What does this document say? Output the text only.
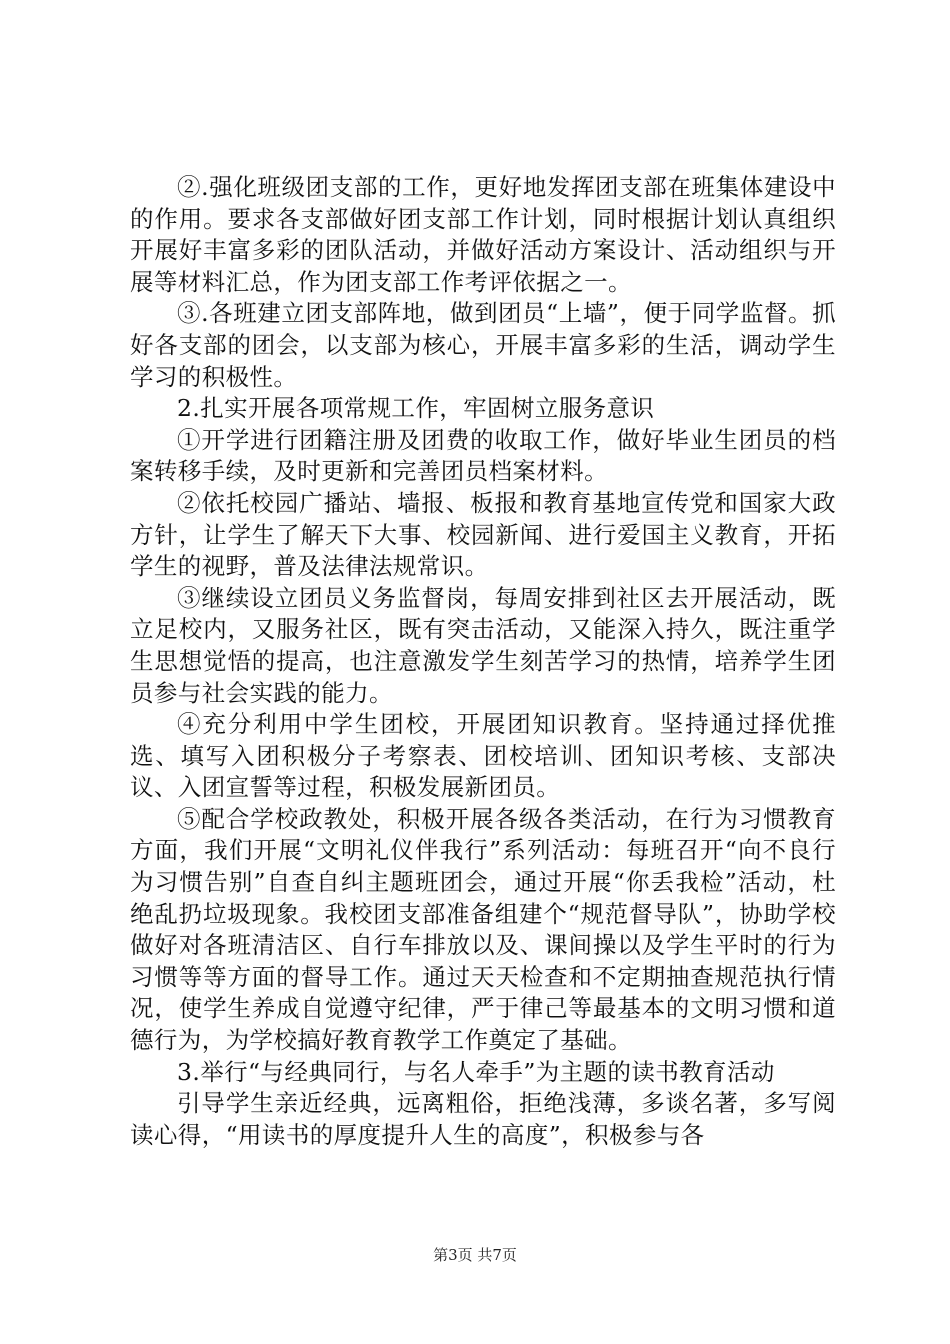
②.强化班级团支部的工作，更好地发挥团支部在班集体建设中的作用。要求各支部做好团支部工作计划，同时根据计划认真组织开展好丰富多彩的团队活动，并做好活动方案设计、活动组织与开展等材料汇总，作为团支部工作考评依据之一。

③.各班建立团支部阵地，做到团员“上墙”，便于同学监督。抓好各支部的团会，以支部为核心，开展丰富多彩的生活，调动学生学习的积极性。

2.扎实开展各项常规工作，牢固树立服务意识

①开学进行团籍注册及团费的收取工作，做好毕业生团员的档案转移手续，及时更新和完善团员档案材料。

②依托校园广播站、墙报、板报和教育基地宣传党和国家大政方针，让学生了解天下大事、校园新闻、进行爱国主义教育，开拓学生的视野，普及法律法规常识。

③继续设立团员义务监督岗，每周安排到社区去开展活动，既立足校内，又服务社区，既有突击活动，又能深入持久，既注重学生思想觉悟的提高，也注意激发学生刻苦学习的热情，培养学生团员参与社会实践的能力。

④充分利用中学生团校，开展团知识教育。坚持通过择优推选、填写入团积极分子考察表、团校培训、团知识考核、支部决议、入团宣誓等过程，积极发展新团员。

⑤配合学校政教处，积极开展各级各类活动，在行为习惯教育方面，我们开展“文明礼仪伴我行”系列活动：每班召开“向不良行为习惯告别”自查自纠主题班团会，通过开展“你丢我检”活动，杜绝乱扔垃圾现象。我校团支部准备组建个“规范督导队”，协助学校做好对各班清洁区、自行车排放以及、课间操以及学生平时的行为习惯等等方面的督导工作。通过天天检查和不定期抽查规范执行情况，使学生养成自觉遵守纪律，严于律己等最基本的文明习惯和道德行为，为学校搞好教育教学工作奠定了基础。

3.举行“与经典同行，与名人牵手”为主题的读书教育活动

引导学生亲近经典，远离粗俗，拒绝浅薄，多谈名著，多写阅读心得，“用读书的厚度提升人生的高度”，积极参与各

第3页 共7页
